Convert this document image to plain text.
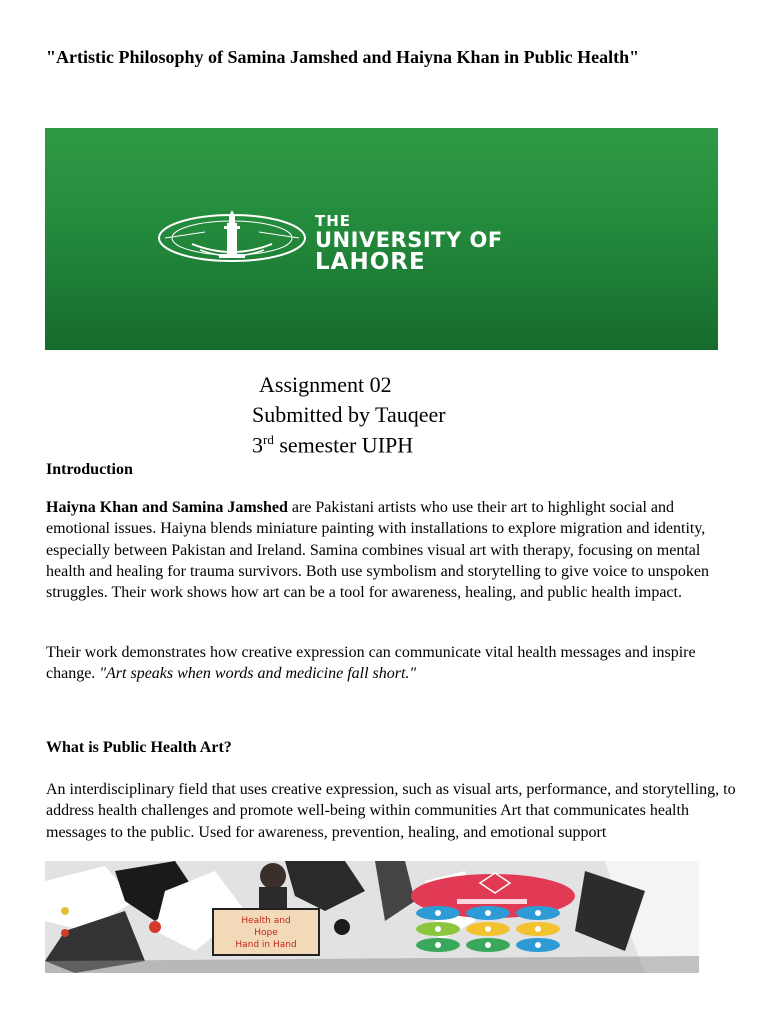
"Artistic Philosophy of Samina Jamshed and Haiyna Khan in Public Health"
THE
UNIVERSITY OF
LAHORE

Assignment 02

Submitted by Tauqeer

3rd semester UIPH

Introduction

Haiyna Khan and Samina Jamshed are Pakistani artists who use their art to highlight social and emotional issues. Haiyna blends miniature painting with installations to explore migration and identity, especially between Pakistan and Ireland. Samina combines visual art with therapy, focusing on mental health and healing for trauma survivors. Both use symbolism and storytelling to give voice to unspoken struggles. Their work shows how art can be a tool for awareness, healing, and public health impact.

Their work demonstrates how creative expression can communicate vital health messages and inspire change. "Art speaks when words and medicine fall short."

What is Public Health Art?

An interdisciplinary field that uses creative expression, such as visual arts, performance, and storytelling, to address health challenges and promote well-being within communities Art that communicates health messages to the public. Used for awareness, prevention, healing, and emotional support

Health and
Hope
Hand in Hand
